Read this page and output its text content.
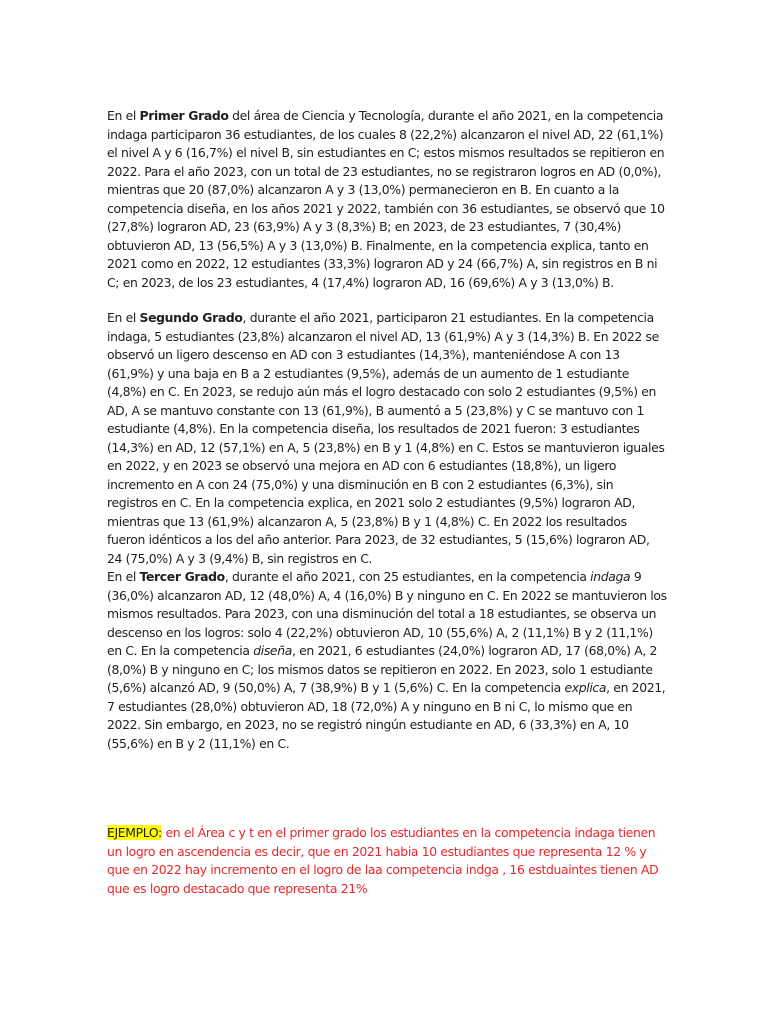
En el Primer Grado del área de Ciencia y Tecnología, durante el año 2021, en la competencia indaga participaron 36 estudiantes, de los cuales 8 (22,2%) alcanzaron el nivel AD, 22 (61,1%) el nivel A y 6 (16,7%) el nivel B, sin estudiantes en C; estos mismos resultados se repitieron en 2022. Para el año 2023, con un total de 23 estudiantes, no se registraron logros en AD (0,0%), mientras que 20 (87,0%) alcanzaron A y 3 (13,0%) permanecieron en B. En cuanto a la competencia diseña, en los años 2021 y 2022, también con 36 estudiantes, se observó que 10 (27,8%) lograron AD, 23 (63,9%) A y 3 (8,3%) B; en 2023, de 23 estudiantes, 7 (30,4%) obtuvieron AD, 13 (56,5%) A y 3 (13,0%) B. Finalmente, en la competencia explica, tanto en 2021 como en 2022, 12 estudiantes (33,3%) lograron AD y 24 (66,7%) A, sin registros en B ni C; en 2023, de los 23 estudiantes, 4 (17,4%) lograron AD, 16 (69,6%) A y 3 (13,0%) B.

En el Segundo Grado, durante el año 2021, participaron 21 estudiantes. En la competencia indaga, 5 estudiantes (23,8%) alcanzaron el nivel AD, 13 (61,9%) A y 3 (14,3%) B. En 2022 se observó un ligero descenso en AD con 3 estudiantes (14,3%), manteniéndose A con 13 (61,9%) y una baja en B a 2 estudiantes (9,5%), además de un aumento de 1 estudiante (4,8%) en C. En 2023, se redujo aún más el logro destacado con solo 2 estudiantes (9,5%) en AD, A se mantuvo constante con 13 (61,9%), B aumentó a 5 (23,8%) y C se mantuvo con 1 estudiante (4,8%). En la competencia diseña, los resultados de 2021 fueron: 3 estudiantes (14,3%) en AD, 12 (57,1%) en A, 5 (23,8%) en B y 1 (4,8%) en C. Estos se mantuvieron iguales en 2022, y en 2023 se observó una mejora en AD con 6 estudiantes (18,8%), un ligero incremento en A con 24 (75,0%) y una disminución en B con 2 estudiantes (6,3%), sin registros en C. En la competencia explica, en 2021 solo 2 estudiantes (9,5%) lograron AD, mientras que 13 (61,9%) alcanzaron A, 5 (23,8%) B y 1 (4,8%) C. En 2022 los resultados fueron idénticos a los del año anterior. Para 2023, de 32 estudiantes, 5 (15,6%) lograron AD, 24 (75,0%) A y 3 (9,4%) B, sin registros en C.

En el Tercer Grado, durante el año 2021, con 25 estudiantes, en la competencia indaga 9 (36,0%) alcanzaron AD, 12 (48,0%) A, 4 (16,0%) B y ninguno en C. En 2022 se mantuvieron los mismos resultados. Para 2023, con una disminución del total a 18 estudiantes, se observa un descenso en los logros: solo 4 (22,2%) obtuvieron AD, 10 (55,6%) A, 2 (11,1%) B y 2 (11,1%) en C. En la competencia diseña, en 2021, 6 estudiantes (24,0%) lograron AD, 17 (68,0%) A, 2 (8,0%) B y ninguno en C; los mismos datos se repitieron en 2022. En 2023, solo 1 estudiante (5,6%) alcanzó AD, 9 (50,0%) A, 7 (38,9%) B y 1 (5,6%) C. En la competencia explica, en 2021, 7 estudiantes (28,0%) obtuvieron AD, 18 (72,0%) A y ninguno en B ni C, lo mismo que en 2022. Sin embargo, en 2023, no se registró ningún estudiante en AD, 6 (33,3%) en A, 10 (55,6%) en B y 2 (11,1%) en C.

EJEMPLO: en el Área c y t en el primer grado los estudiantes en la competencia indaga tienen un logro en ascendencia es decir, que en 2021 habia 10 estudiantes que representa 12 % y que en 2022 hay incremento en el logro de laa competencia indga , 16 estduaintes tienen AD que es logro destacado que representa 21%
